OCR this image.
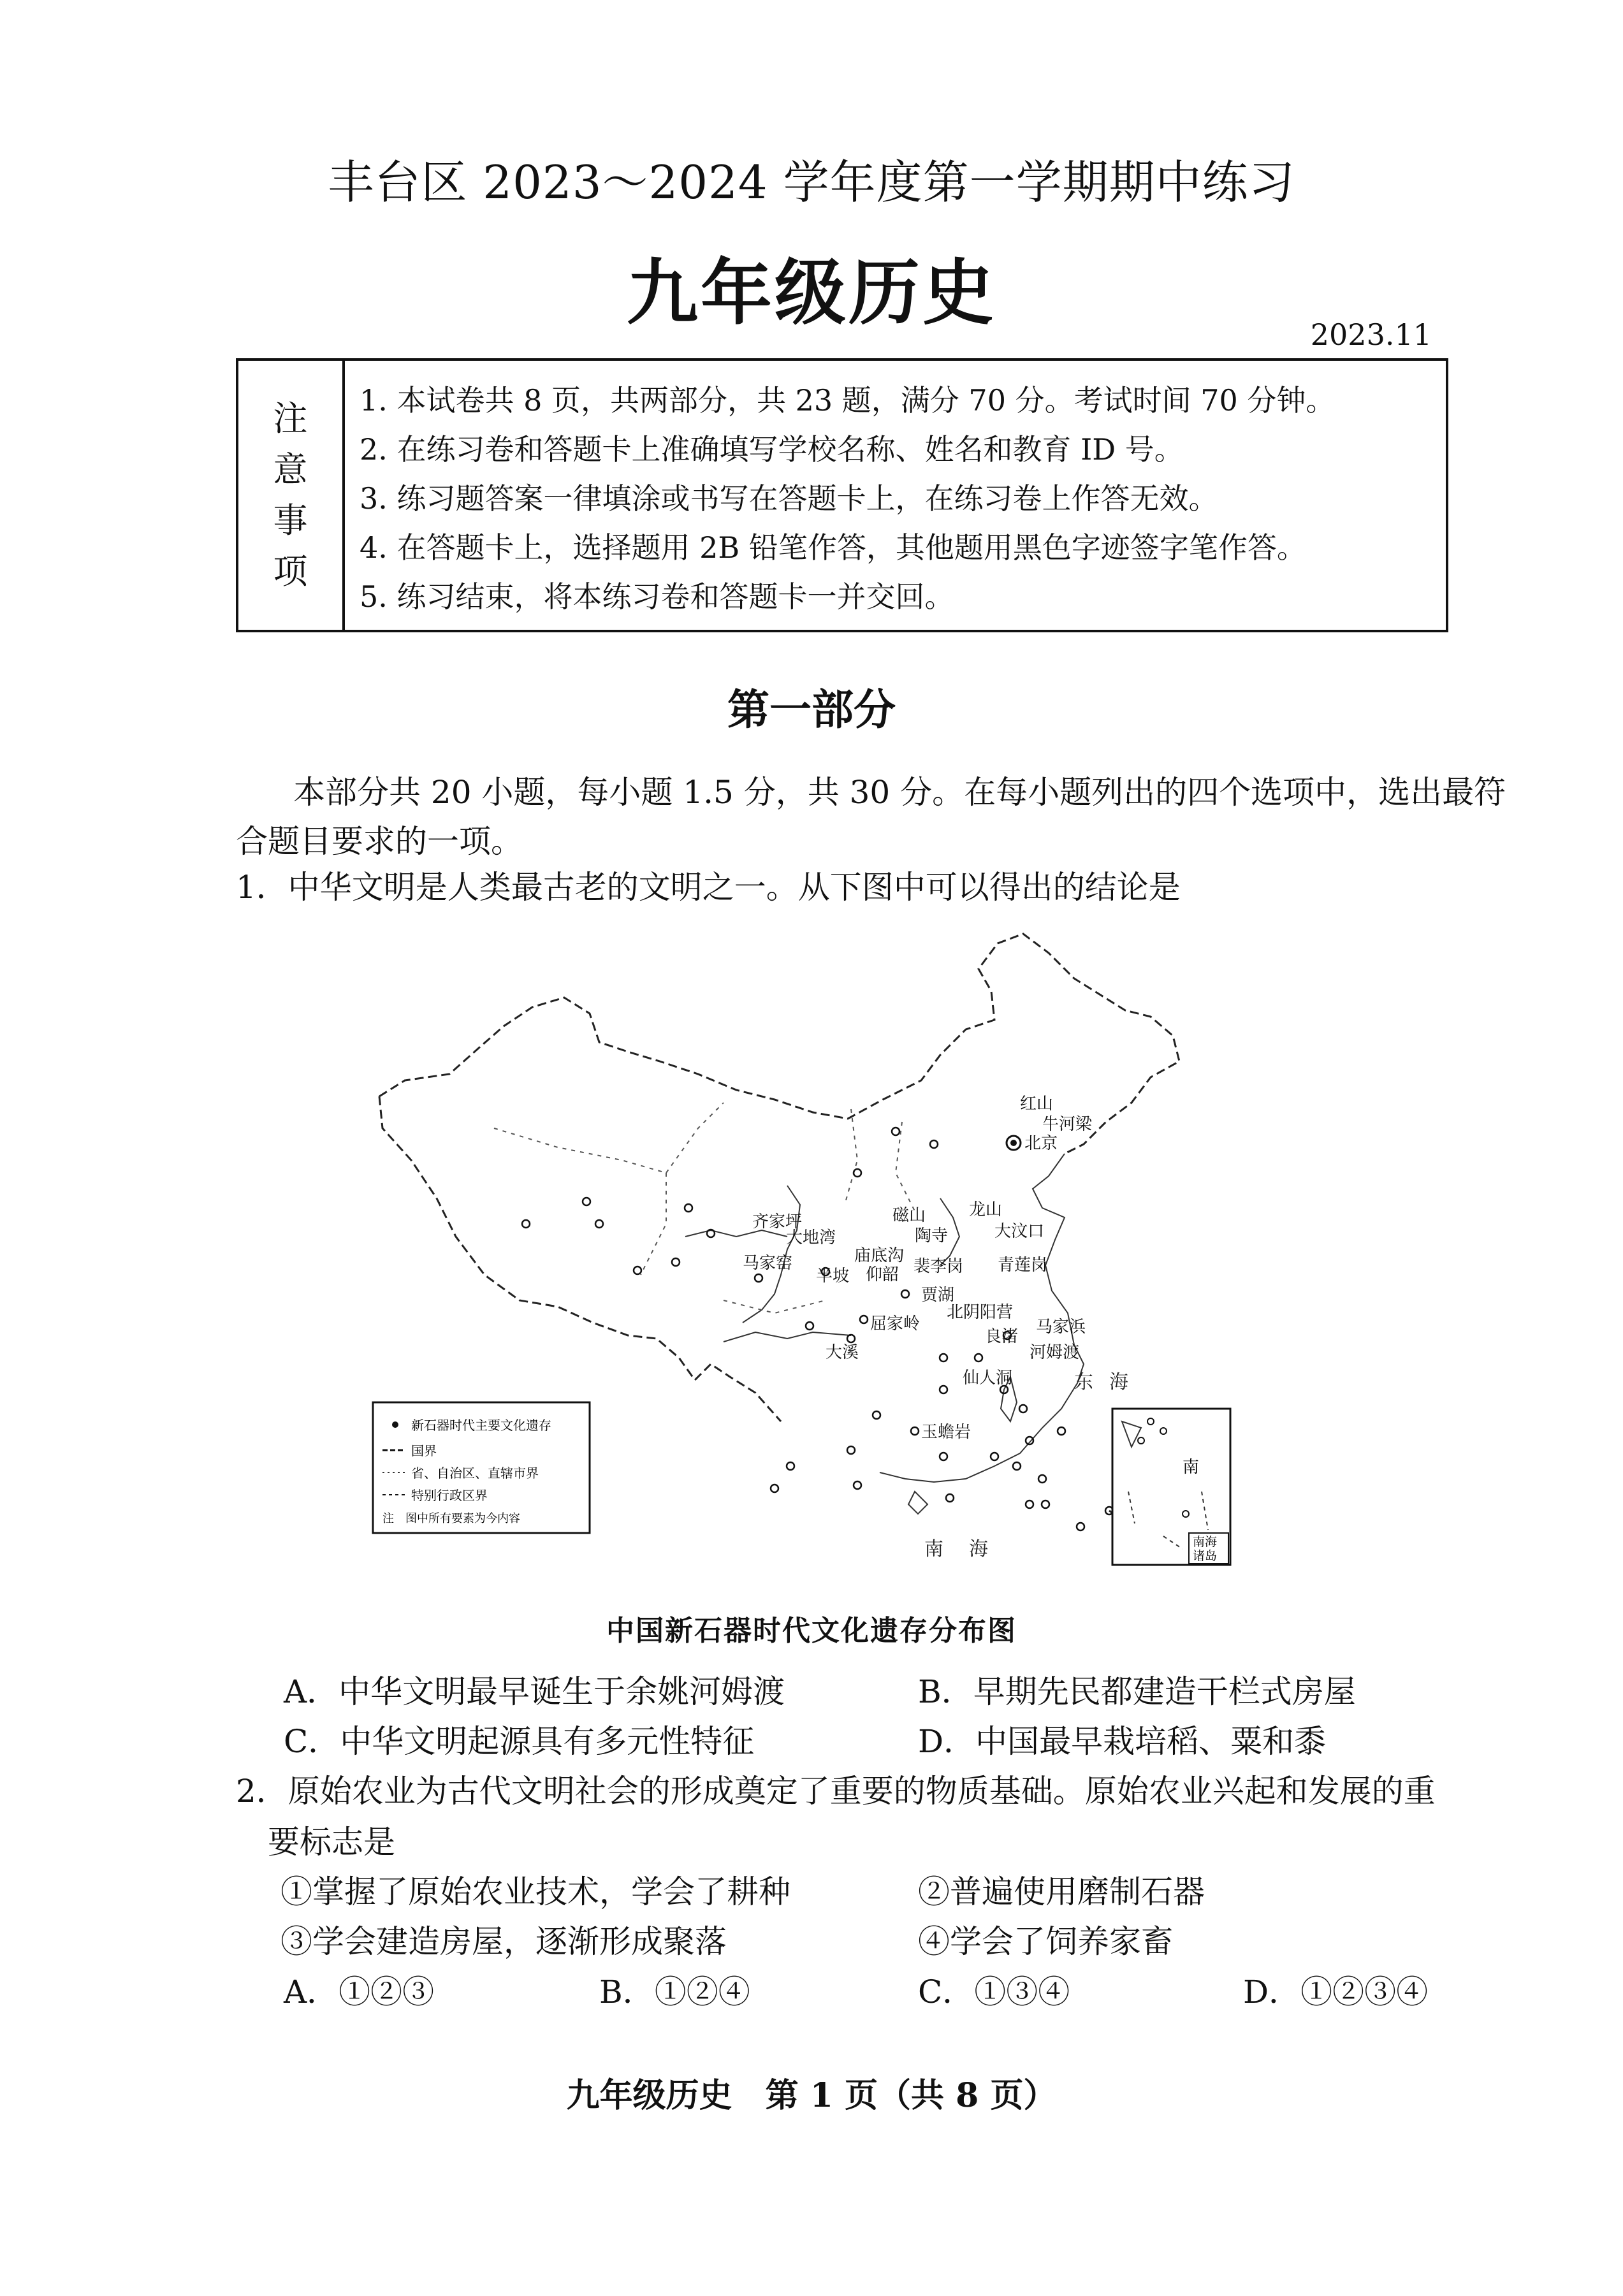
丰台区 2023～2024 学年度第一学期期中练习
九年级历史	2023.11
注
意
事
项
1. 本试卷共 8 页，共两部分，共 23 题，满分 70 分。考试时间 70 分钟。
2. 在练习卷和答题卡上准确填写学校名称、姓名和教育 ID 号。
3. 练习题答案一律填涂或书写在答题卡上，在练习卷上作答无效。
4. 在答题卡上，选择题用 2B 铅笔作答，其他题用黑色字迹签字笔作答。
5. 练习结束，将本练习卷和答题卡一并交回。
第一部分
本部分共 20 小题，每小题 1.5 分，共 30 分。在每小题列出的四个选项中，选出最符
合题目要求的一项。
1．中华文明是人类最古老的文明之一。从下图中可以得出的结论是
红山
牛河梁
北京
齐家坪
大地湾
马家窑
磁山
陶寺
龙山
大汶口
庙底沟
半坡 仰韶 裴李岗 青莲岗
贾湖
屈家岭
北阴阳营
马家浜
良渚
河姆渡
大溪
仙人洞
玉蟾岩
东 海
南 海
新石器时代主要文化遗存
国界
省、自治区、直辖市界
特别行政区界
注　图中所有要素为今内容
南
南海
诸岛
中国新石器时代文化遗存分布图
A．中华文明最早诞生于余姚河姆渡	B．早期先民都建造干栏式房屋
C．中华文明起源具有多元性特征	D．中国最早栽培稻、粟和黍
2．原始农业为古代文明社会的形成奠定了重要的物质基础。原始农业兴起和发展的重
要标志是
①掌握了原始农业技术，学会了耕种	②普遍使用磨制石器
③学会建造房屋，逐渐形成聚落	④学会了饲养家畜
A．①②③	B．①②④	C．①③④	D．①②③④
九年级历史　第 1 页（共 8 页）
